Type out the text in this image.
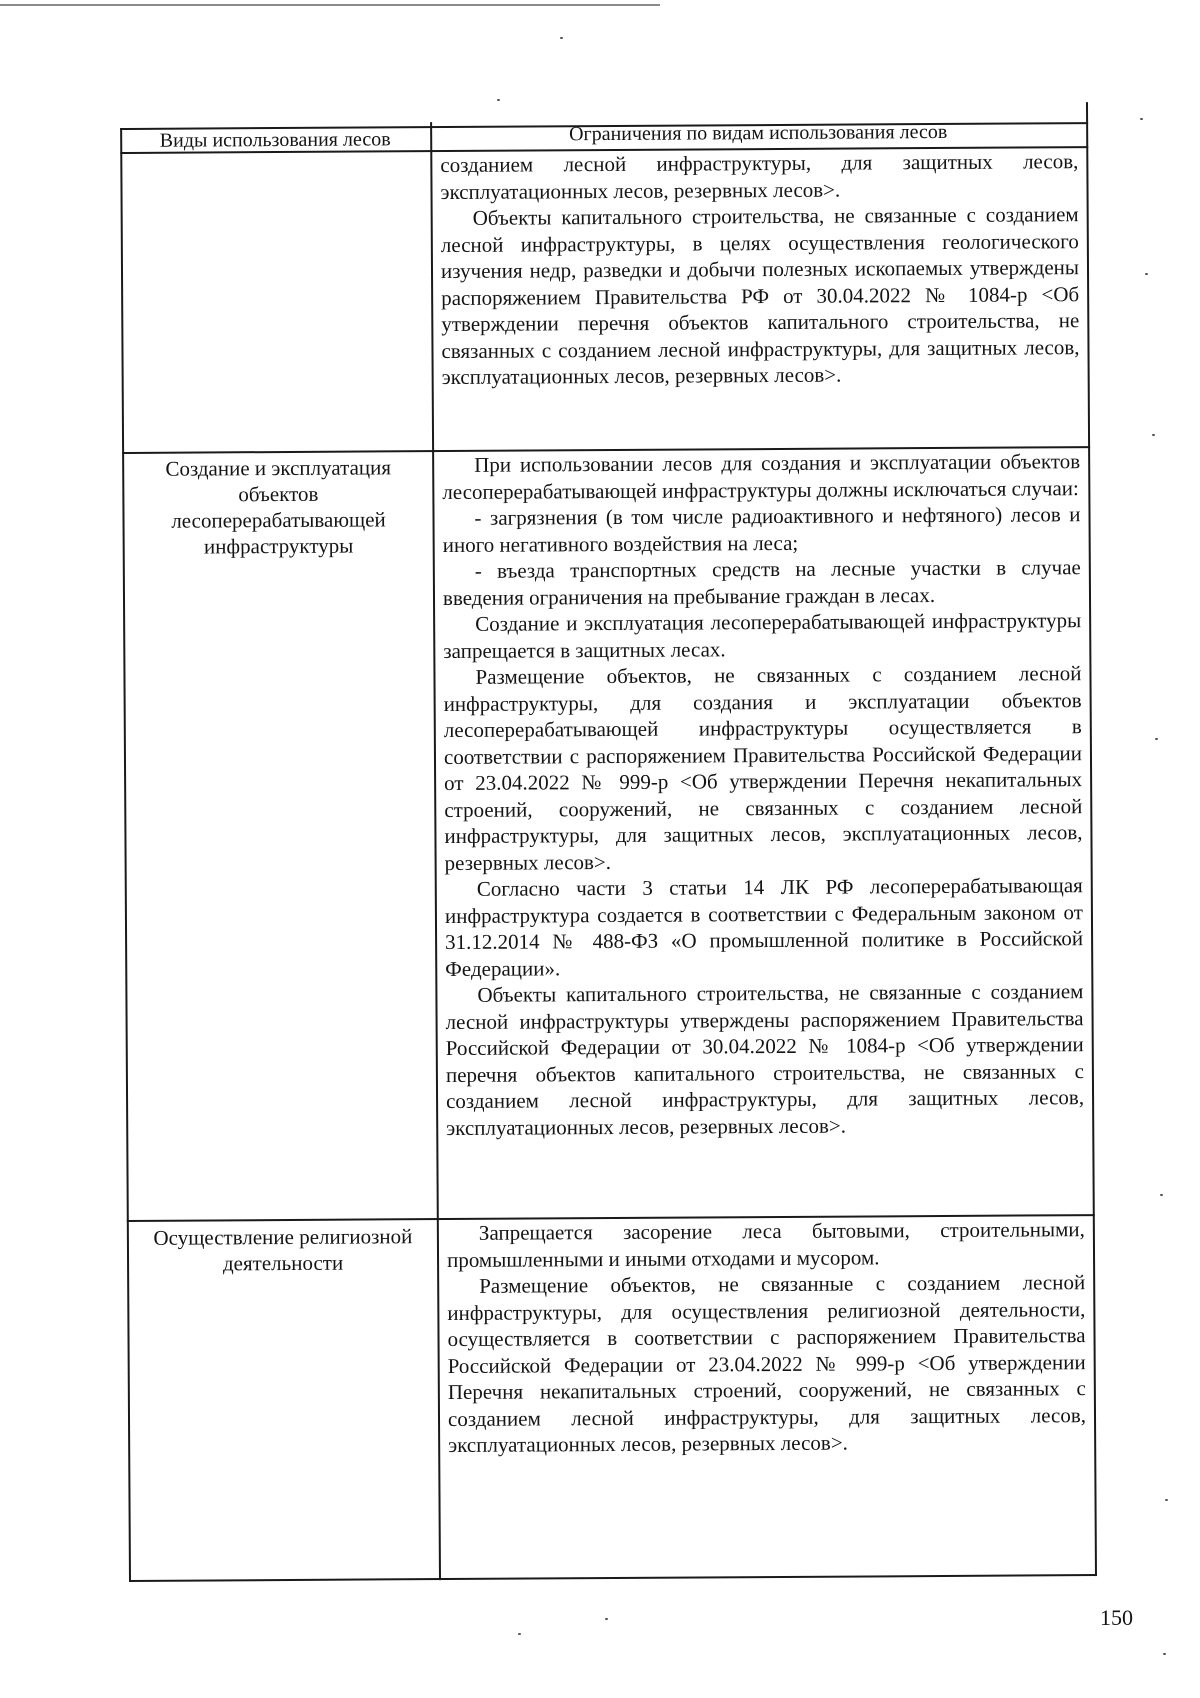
Виды использования лесов	Ограничения по видам использования лесов

созданием лесной инфраструктуры, для защитных лесов, эксплуатационных лесов, резервных лесов>.

Объекты капитального строительства, не связанные с созданием лесной инфраструктуры, в целях осуществления геологического изучения недр, разведки и добычи полезных ископаемых утверждены распоряжением Правительства РФ от 30.04.2022 № 1084-р <Об утверждении перечня объектов капитального строительства, не связанных с созданием лесной инфраструктуры, для защитных лесов, эксплуатационных лесов, резервных лесов>.

Создание и эксплуатация объектов лесоперерабатывающей инфраструктуры

При использовании лесов для создания и эксплуатации объектов лесоперерабатывающей инфраструктуры должны исключаться случаи:

- загрязнения (в том числе радиоактивного и нефтяного) лесов и иного негативного воздействия на леса;

- въезда транспортных средств на лесные участки в случае введения ограничения на пребывание граждан в лесах.

Создание и эксплуатация лесоперерабатывающей инфраструктуры запрещается в защитных лесах.

Размещение объектов, не связанных с созданием лесной инфраструктуры, для создания и эксплуатации объектов лесоперерабатывающей инфраструктуры осуществляется в соответствии с распоряжением Правительства Российской Федерации от 23.04.2022 № 999-р <Об утверждении Перечня некапитальных строений, сооружений, не связанных с созданием лесной инфраструктуры, для защитных лесов, эксплуатационных лесов, резервных лесов>.

Согласно части 3 статьи 14 ЛК РФ лесоперерабатывающая инфраструктура создается в соответствии с Федеральным законом от 31.12.2014 № 488-ФЗ «О промышленной политике в Российской Федерации».

Объекты капитального строительства, не связанные с созданием лесной инфраструктуры утверждены распоряжением Правительства Российской Федерации от 30.04.2022 № 1084-р <Об утверждении перечня объектов капитального строительства, не связанных с созданием лесной инфраструктуры, для защитных лесов, эксплуатационных лесов, резервных лесов>.

Осуществление религиозной деятельности

Запрещается засорение леса бытовыми, строительными, промышленными и иными отходами и мусором.

Размещение объектов, не связанные с созданием лесной инфраструктуры, для осуществления религиозной деятельности, осуществляется в соответствии с распоряжением Правительства Российской Федерации от 23.04.2022 № 999-р <Об утверждении Перечня некапитальных строений, сооружений, не связанных с созданием лесной инфраструктуры, для защитных лесов, эксплуатационных лесов, резервных лесов>.

150
